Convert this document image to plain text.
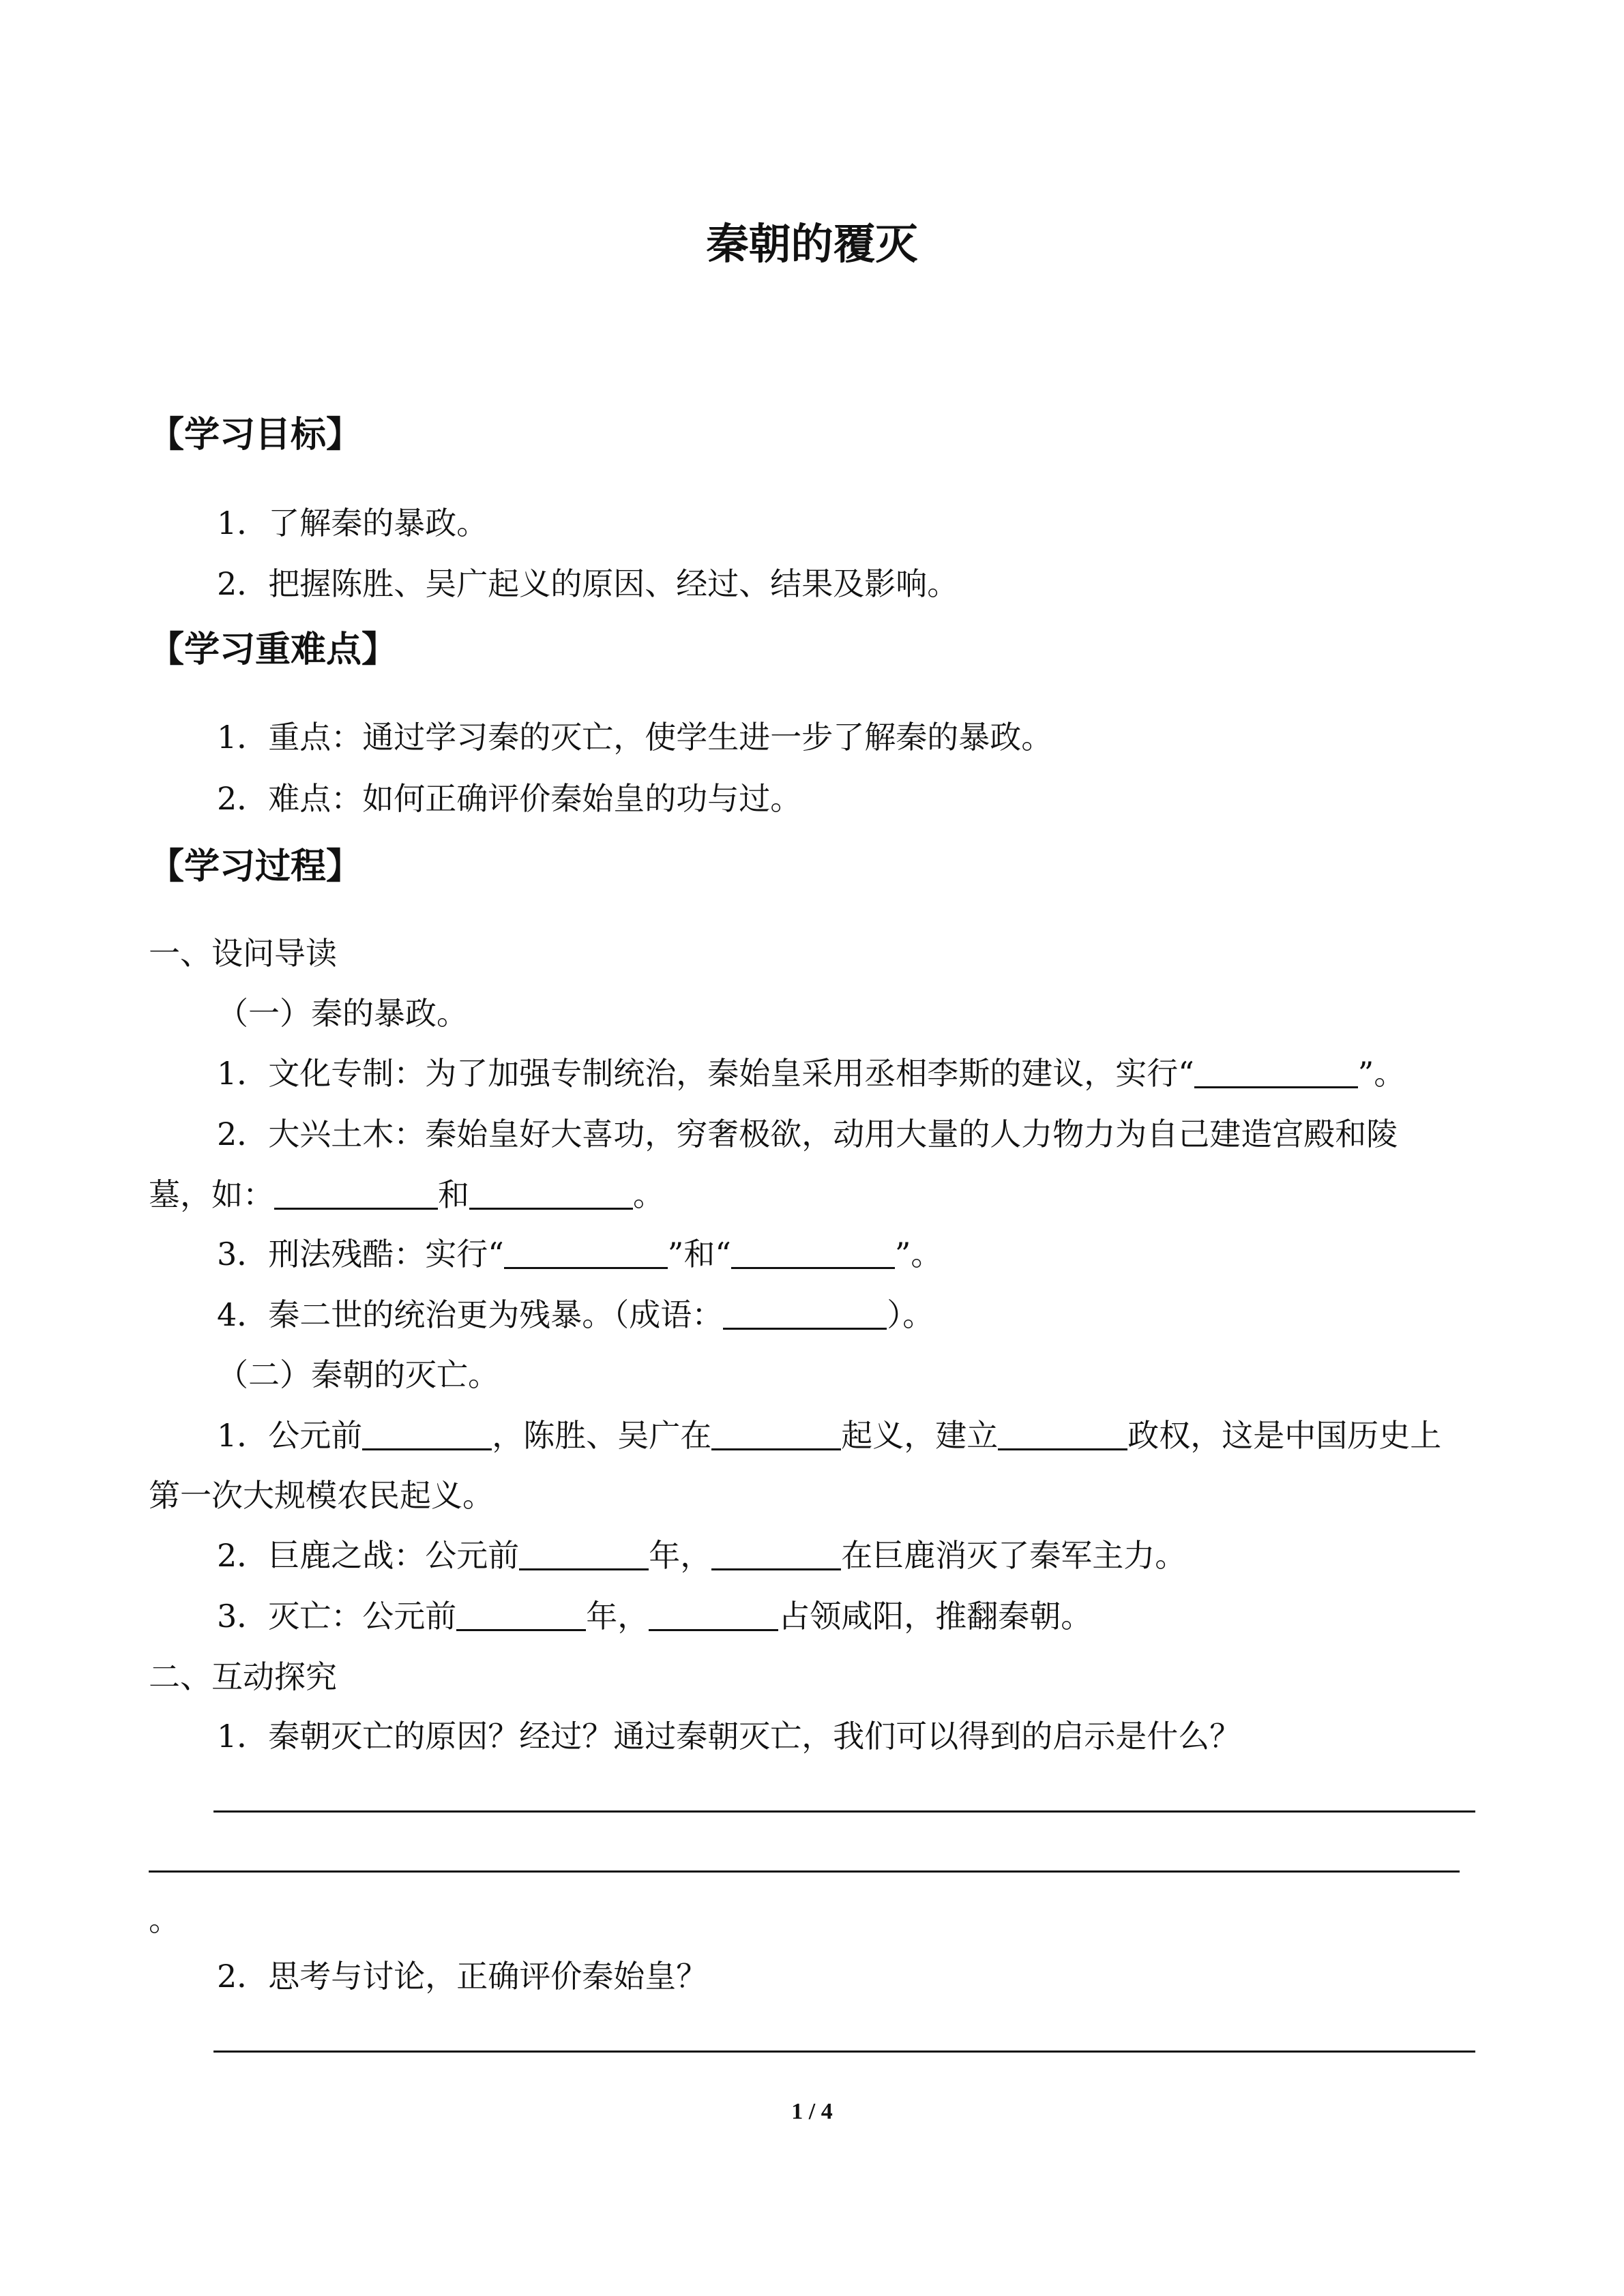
秦朝的覆灭
【学习目标】
1．了解秦的暴政。
2．把握陈胜、吴广起义的原因、经过、结果及影响。
【学习重难点】
1．重点：通过学习秦的灭亡，使学生进一步了解秦的暴政。
2．难点：如何正确评价秦始皇的功与过。
【学习过程】
一、设问导读
（一）秦的暴政。
1．文化专制：为了加强专制统治，秦始皇采用丞相李斯的建议，实行“	”。
2．大兴土木：秦始皇好大喜功，穷奢极欲，动用大量的人力物力为自己建造宫殿和陵
墓，如：	和	。
3．刑法残酷：实行“	”和“	”。
4．秦二世的统治更为残暴。（成语：	）。
（二）秦朝的灭亡。
1．公元前	，陈胜、吴广在	起义，建立	政权，这是中国历史上
第一次大规模农民起义。
2．巨鹿之战：公元前	年，	在巨鹿消灭了秦军主力。
3．灭亡：公元前	年，	占领咸阳，推翻秦朝。
二、互动探究
1．秦朝灭亡的原因？经过？通过秦朝灭亡，我们可以得到的启示是什么？
。
2．思考与讨论，正确评价秦始皇？
1 / 4
